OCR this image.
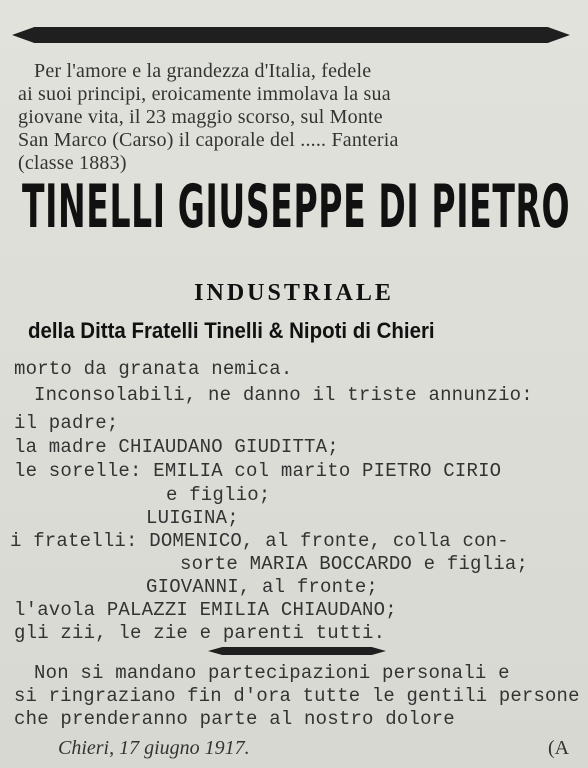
Per l'amore e la grandezza d'Italia, fedele
ai suoi principi, eroicamente immolava la sua
giovane vita, il 23 maggio scorso, sul Monte
San Marco (Carso) il caporale del ..... Fanteria
(classe 1883)
TINELLI GIUSEPPE DI PIETRO
INDUSTRIALE
della Ditta Fratelli Tinelli & Nipoti di Chieri
morto da granata nemica.
Inconsolabili, ne danno il triste annunzio:
il padre;
la madre CHIAUDANO GIUDITTA;
le sorelle: EMILIA col marito PIETRO CIRIO
e figlio;
LUIGINA;
i fratelli: DOMENICO, al fronte, colla con-
sorte MARIA BOCCARDO e figlia;
GIOVANNI, al fronte;
l'avola PALAZZI EMILIA CHIAUDANO;
gli zii, le zie e parenti tutti.
Non si mandano partecipazioni personali e
si ringraziano fin d'ora tutte le gentili persone
che prenderanno parte al nostro dolore
Chieri, 17 giugno 1917.	(A
